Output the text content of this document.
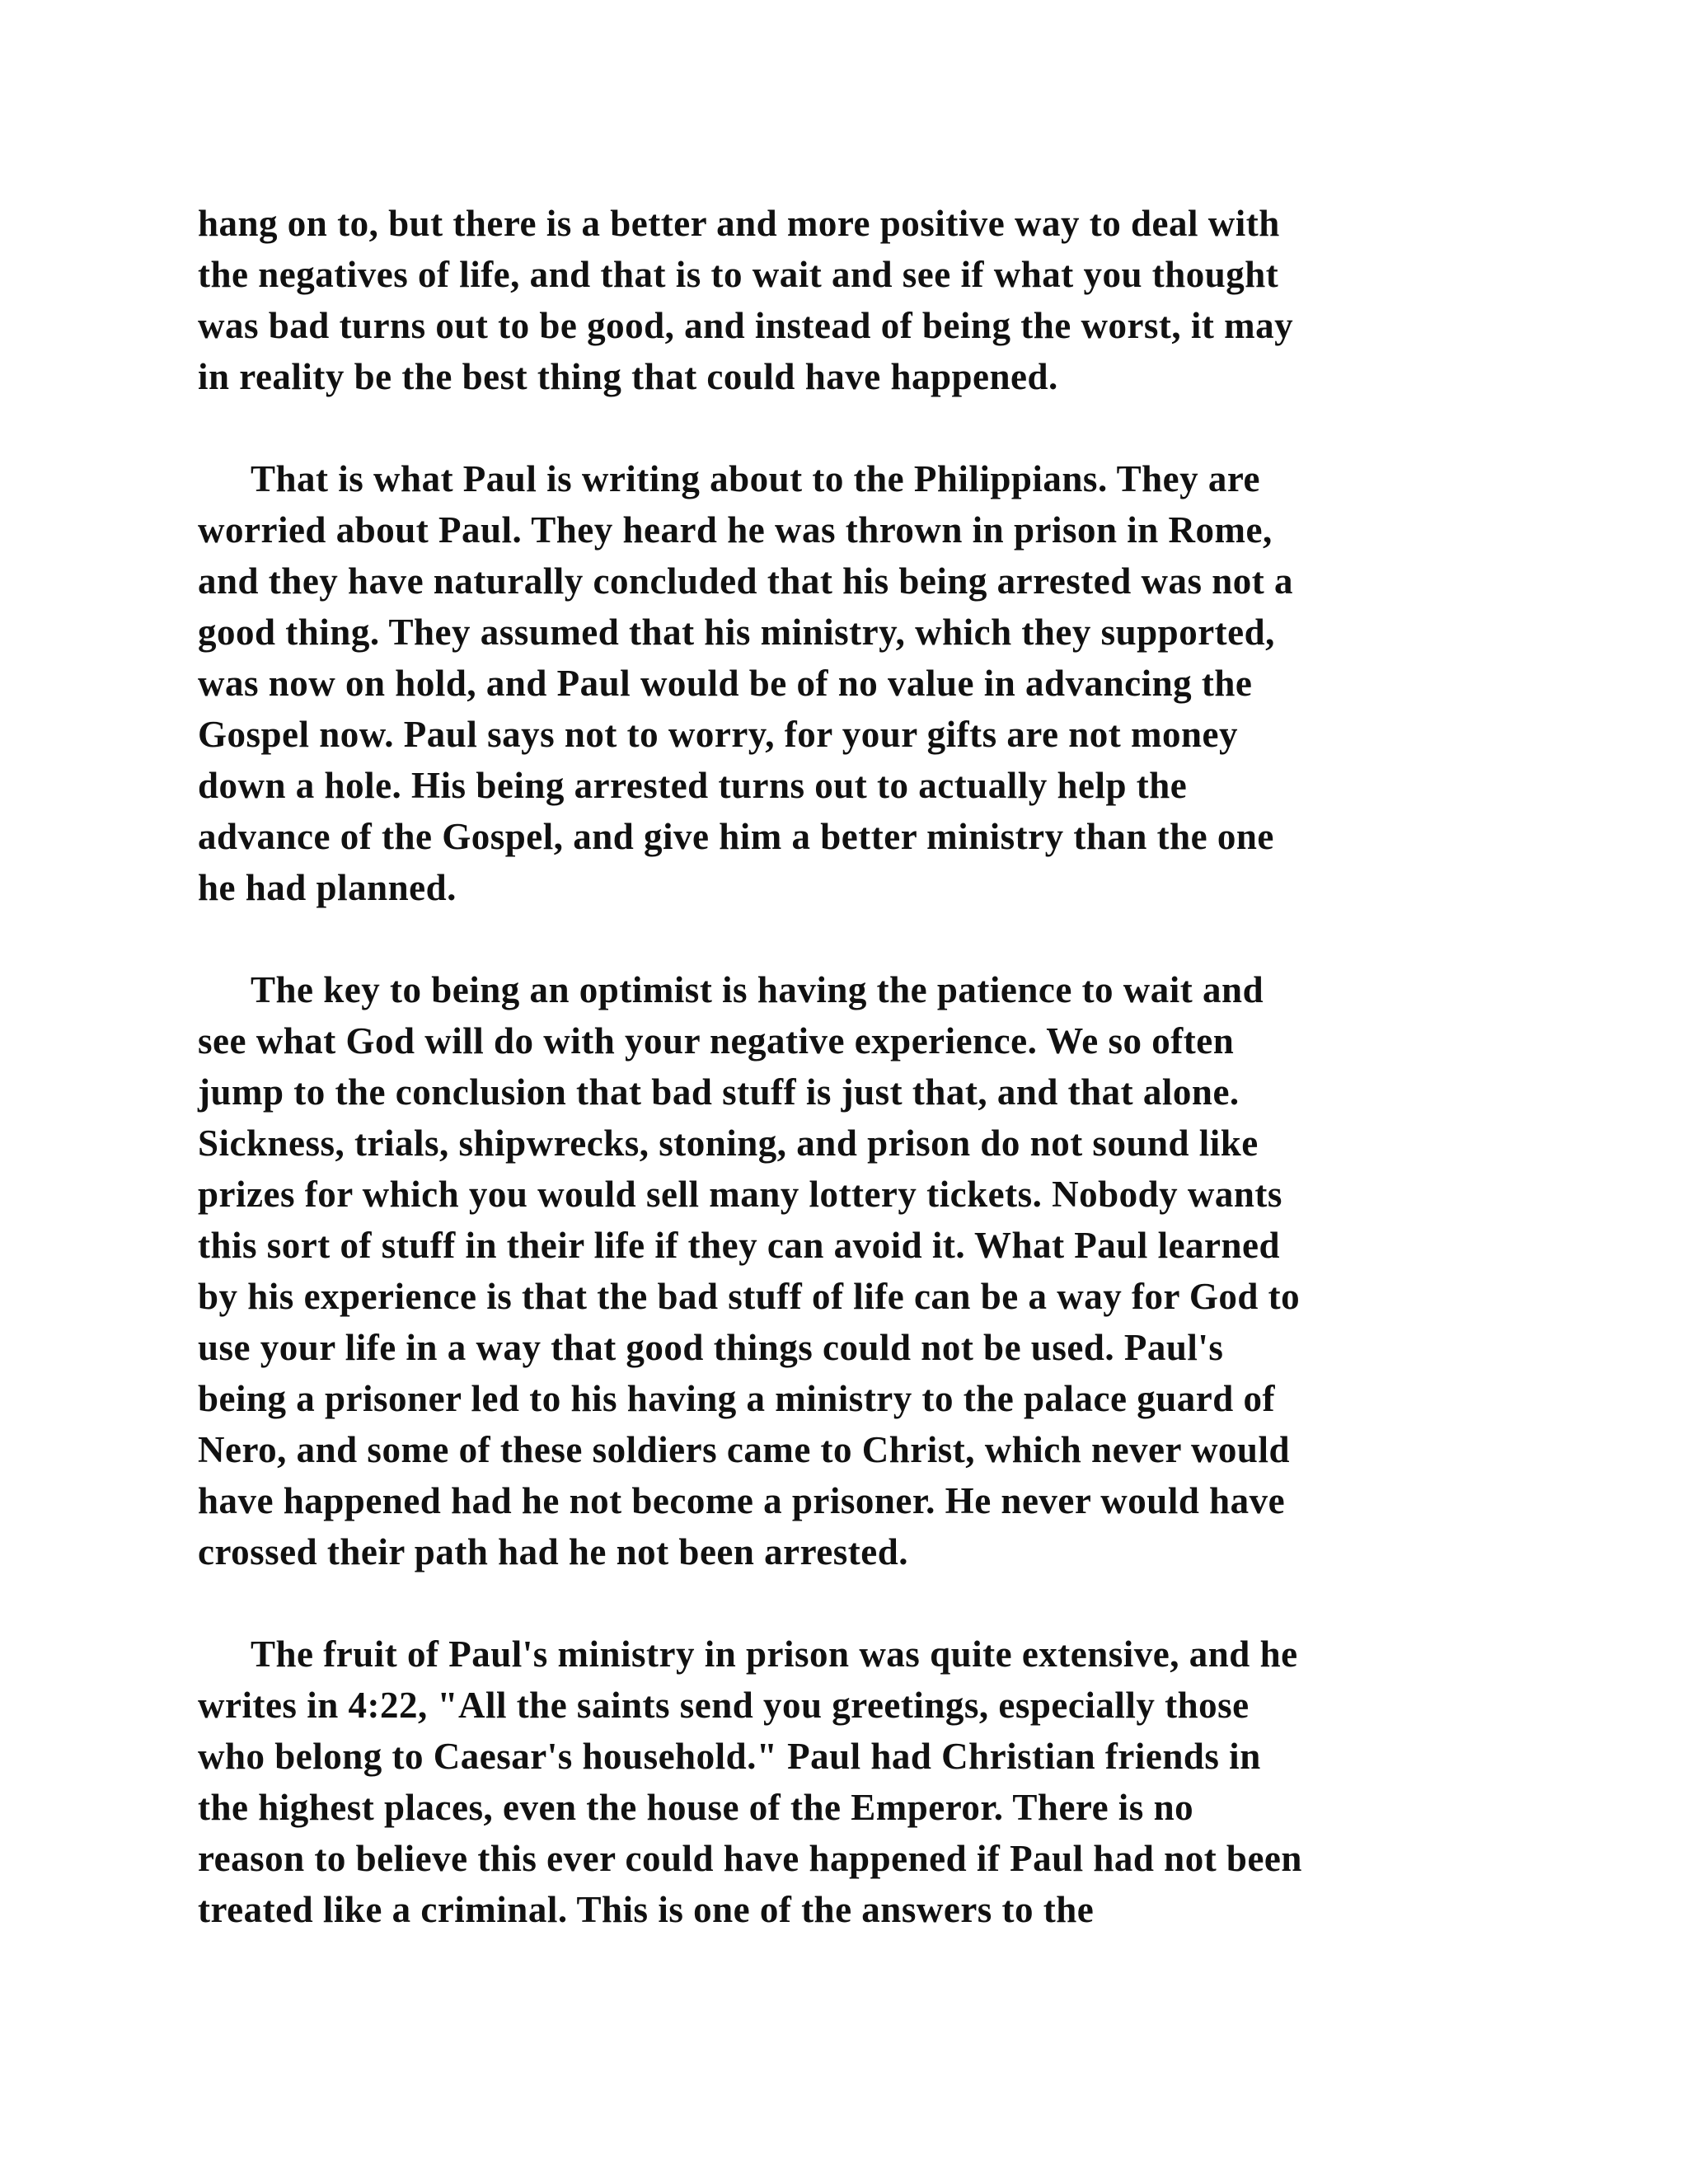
hang on to, but there is a better and more positive way to deal with
the negatives of life, and that is to wait and see if what you thought
was bad turns out to be good, and instead of being the worst, it may
in reality be the best thing that could have happened.

That is what Paul is writing about to the Philippians. They are
worried about Paul. They heard he was thrown in prison in Rome,
and they have naturally concluded that his being arrested was not a
good thing. They assumed that his ministry, which they supported,
was now on hold, and Paul would be of no value in advancing the
Gospel now. Paul says not to worry, for your gifts are not money
down a hole. His being arrested turns out to actually help the
advance of the Gospel, and give him a better ministry than the one
he had planned.

The key to being an optimist is having the patience to wait and
see what God will do with your negative experience. We so often
jump to the conclusion that bad stuff is just that, and that alone.
Sickness, trials, shipwrecks, stoning, and prison do not sound like
prizes for which you would sell many lottery tickets. Nobody wants
this sort of stuff in their life if they can avoid it. What Paul learned
by his experience is that the bad stuff of life can be a way for God to
use your life in a way that good things could not be used. Paul's
being a prisoner led to his having a ministry to the palace guard of
Nero, and some of these soldiers came to Christ, which never would
have happened had he not become a prisoner. He never would have
crossed their path had he not been arrested.

The fruit of Paul's ministry in prison was quite extensive, and he
writes in 4:22, "All the saints send you greetings, especially those
who belong to Caesar's household." Paul had Christian friends in
the highest places, even the house of the Emperor. There is no
reason to believe this ever could have happened if Paul had not been
treated like a criminal. This is one of the answers to the
